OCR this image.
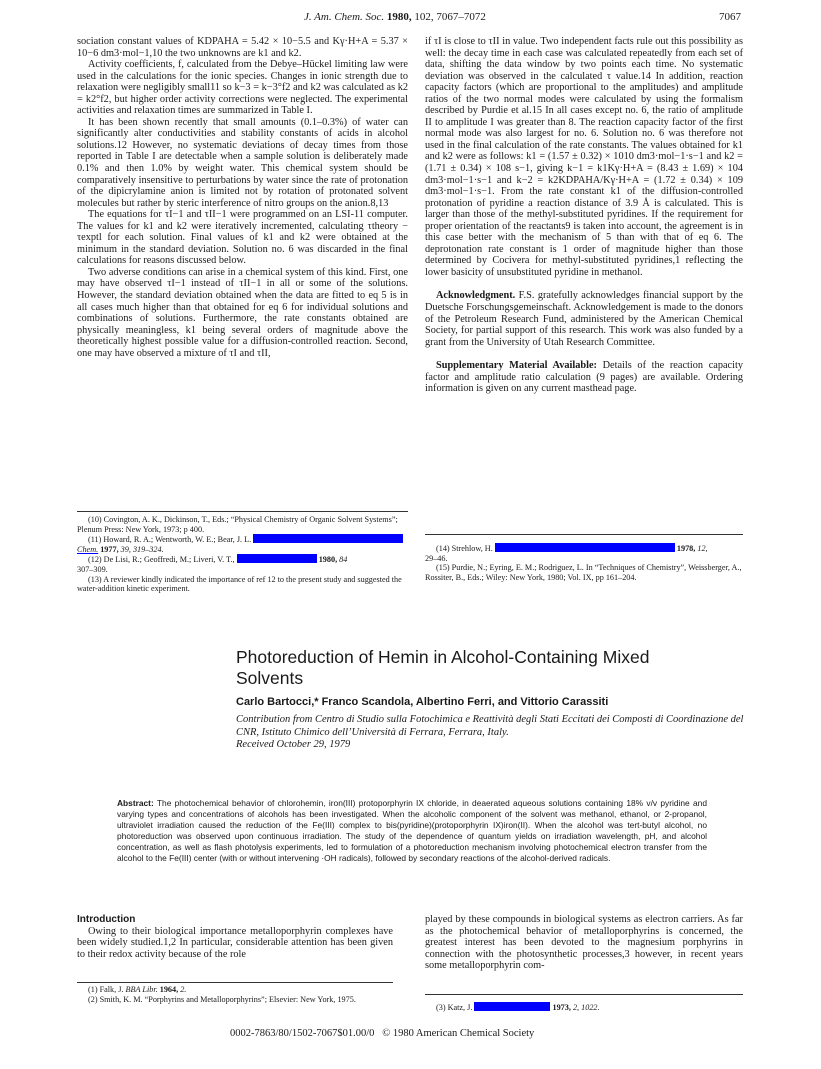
J. Am. Chem. Soc. 1980, 102, 7067–7072	7067

sociation constant values of KDPAHA = 5.42 × 10−5.5 and Kγ·H+A = 5.37 × 10−6 dm3·mol−1,10 the two unknowns are k1 and k2.

Activity coefficients, f, calculated from the Debye–Hückel limiting law were used in the calculations for the ionic species. Changes in ionic strength due to relaxation were negligibly small11 so k−3 = k−3°f2 and k2 was calculated as k2 = k2°f2, but higher order activity corrections were neglected. The experimental activities and relaxation times are summarized in Table I.

It has been shown recently that small amounts (0.1–0.3%) of water can significantly alter conductivities and stability constants of acids in alcohol solutions.12 However, no systematic deviations of decay times from those reported in Table I are detectable when a sample solution is deliberately made 0.1% and then 1.0% by weight water. This chemical system should be comparatively insensitive to perturbations by water since the rate of protonation of the dipicrylamine anion is limited not by rotation of protonated solvent molecules but rather by steric interference of nitro groups on the anion.8,13

The equations for τI−1 and τII−1 were programmed on an LSI-11 computer. The values for k1 and k2 were iteratively incremented, calculating τtheory − τexptl for each solution. Final values of k1 and k2 were obtained at the minimum in the standard deviation. Solution no. 6 was discarded in the final calculations for reasons discussed below.

Two adverse conditions can arise in a chemical system of this kind. First, one may have observed τI−1 instead of τII−1 in all or some of the solutions. However, the standard deviation obtained when the data are fitted to eq 5 is in all cases much higher than that obtained for eq 6 for individual solutions and combinations of solutions. Furthermore, the rate constants obtained are physically meaningless, k1 being several orders of magnitude above the theoretically highest possible value for a diffusion-controlled reaction. Second, one may have observed a mixture of τI and τII,

if τI is close to τII in value. Two independent facts rule out this possibility as well: the decay time in each case was calculated repeatedly from each set of data, shifting the data window by two points each time. No systematic deviation was observed in the calculated τ value.14 In addition, reaction capacity factors (which are proportional to the amplitudes) and amplitude ratios of the two normal modes were calculated by using the formalism described by Purdie et al.15 In all cases except no. 6, the ratio of amplitude II to amplitude I was greater than 8. The reaction capacity factor of the first normal mode was also largest for no. 6. Solution no. 6 was therefore not used in the final calculation of the rate constants. The values obtained for k1 and k2 were as follows: k1 = (1.57 ± 0.32) × 1010 dm3·mol−1·s−1 and k2 = (1.71 ± 0.34) × 108 s−1, giving k−1 = k1Kγ·H+A = (8.43 ± 1.69) × 104 dm3·mol−1·s−1 and k−2 = k2KDPAHA/Kγ·H+A = (1.72 ± 0.34) × 109 dm3·mol−1·s−1. From the rate constant k1 of the diffusion-controlled protonation of pyridine a reaction distance of 3.9 Å is calculated. This is larger than those of the methyl-substituted pyridines. If the requirement for proper orientation of the reactants9 is taken into account, the agreement is in this case better with the mechanism of 5 than with that of eq 6. The deprotonation rate constant is 1 order of magnitude higher than those determined by Cocivera for methyl-substituted pyridines,1 reflecting the lower basicity of unsubstituted pyridine in methanol.

Acknowledgment. F.S. gratefully acknowledges financial support by the Duetsche Forschungsgemeinschaft. Acknowledgement is made to the donors of the Petroleum Research Fund, administered by the American Chemical Society, for partial support of this research. This work was also funded by a grant from the University of Utah Research Committee.

Supplementary Material Available: Details of the reaction capacity factor and amplitude ratio calculation (9 pages) are available. Ordering information is given on any current masthead page.

(10) Covington, A. K., Dickinson, T., Eds.; “Physical Chemistry of Organic Solvent Systems”; Plenum Press: New York, 1973; p 400.

(11) Howard, R. A.; Wentworth, W. E.; Bear, J. L.

Chem. 1977, 39, 319–324.

(12) De Lisi, R.; Geoffredi, M.; Liveri, V. T.,	1980, 84

307–309.

(13) A reviewer kindly indicated the importance of ref 12 to the present study and suggested the water-addition kinetic experiment.

(14) Strehlow, H.	1978, 12,

29–46.

(15) Purdie, N.; Eyring, E. M.; Rodriguez, L. In “Techniques of Chemistry”, Weissberger, A., Rossiter, B., Eds.; Wiley: New York, 1980; Vol. IX, pp 161–204.

Photoreduction of Hemin in Alcohol-Containing Mixed
Solvents
Carlo Bartocci,* Franco Scandola, Albertino Ferri, and Vittorio Carassiti
Contribution from Centro di Studio sulla Fotochimica e Reattività degli Stati Eccitati dei Composti di Coordinazione del CNR, Istituto Chimico dell’Università di Ferrara, Ferrara, Italy.
Received October 29, 1979
Abstract: The photochemical behavior of chlorohemin, iron(III) protoporphyrin IX chloride, in deaerated aqueous solutions containing 18% v/v pyridine and varying types and concentrations of alcohols has been investigated. When the alcoholic component of the solvent was methanol, ethanol, or 2-propanol, ultraviolet irradiation caused the reduction of the Fe(III) complex to bis(pyridine)(protoporphyrin IX)iron(II). When the alcohol was tert-butyl alcohol, no photoreduction was observed upon continuous irradiation. The study of the dependence of quantum yields on irradiation wavelength, pH, and alcohol concentration, as well as flash photolysis experiments, led to formulation of a photoreduction mechanism involving photochemical electron transfer from the alcohol to the Fe(III) center (with or without intervening ·OH radicals), followed by secondary reactions of the alcohol-derived radicals.

Introduction

Owing to their biological importance metalloporphyrin complexes have been widely studied.1,2 In particular, considerable attention has been given to their redox activity because of the role

played by these compounds in biological systems as electron carriers. As far as the photochemical behavior of metalloporphyrins is concerned, the greatest interest has been devoted to the magnesium porphyrins in connection with the photosynthetic processes,3 however, in recent years some metalloporphyrin com-

(1) Falk, J. BBA Libr. 1964, 2.

(2) Smith, K. M. “Porphyrins and Metalloporphyrins”; Elsevier: New York, 1975.

(3) Katz, J.	1973, 2, 1022.

0002-7863/80/1502-7067$01.00/0 © 1980 American Chemical Society
